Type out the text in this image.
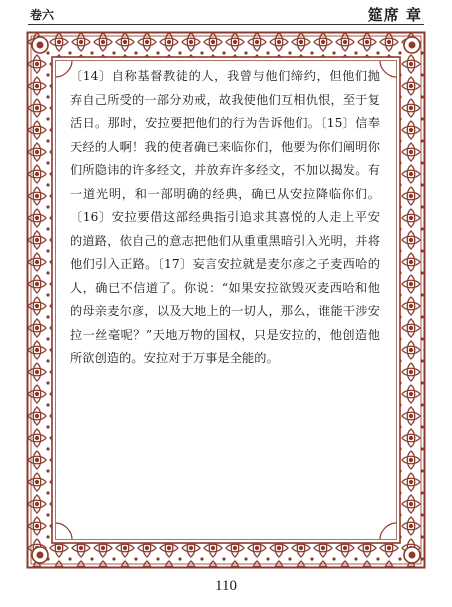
卷六	筵席 章

〔14〕自称基督教徒的人，我曾与他们缔约，但他们抛弃自己所受的一部分劝戒，故我使他们互相仇恨，至于复活日。那时，安拉要把他们的行为告诉他们。〔15〕信奉天经的人啊！我的使者确已来临你们，他要为你们阐明你们所隐讳的许多经文，并放弃许多经文，不加以揭发。有一道光明，和一部明确的经典，确已从安拉降临你们。〔16〕安拉要借这部经典指引追求其喜悦的人走上平安的道路，依自己的意志把他们从重重黑暗引入光明，并将他们引入正路。〔17〕妄言安拉就是麦尔彦之子麦西哈的人，确已不信道了。你说：“如果安拉欲毁灭麦西哈和他的母亲麦尔彦，以及大地上的一切人，那么，谁能干涉安拉一丝毫呢？”天地万物的国权，只是安拉的，他创造他所欲创造的。安拉对于万事是全能的。

110
